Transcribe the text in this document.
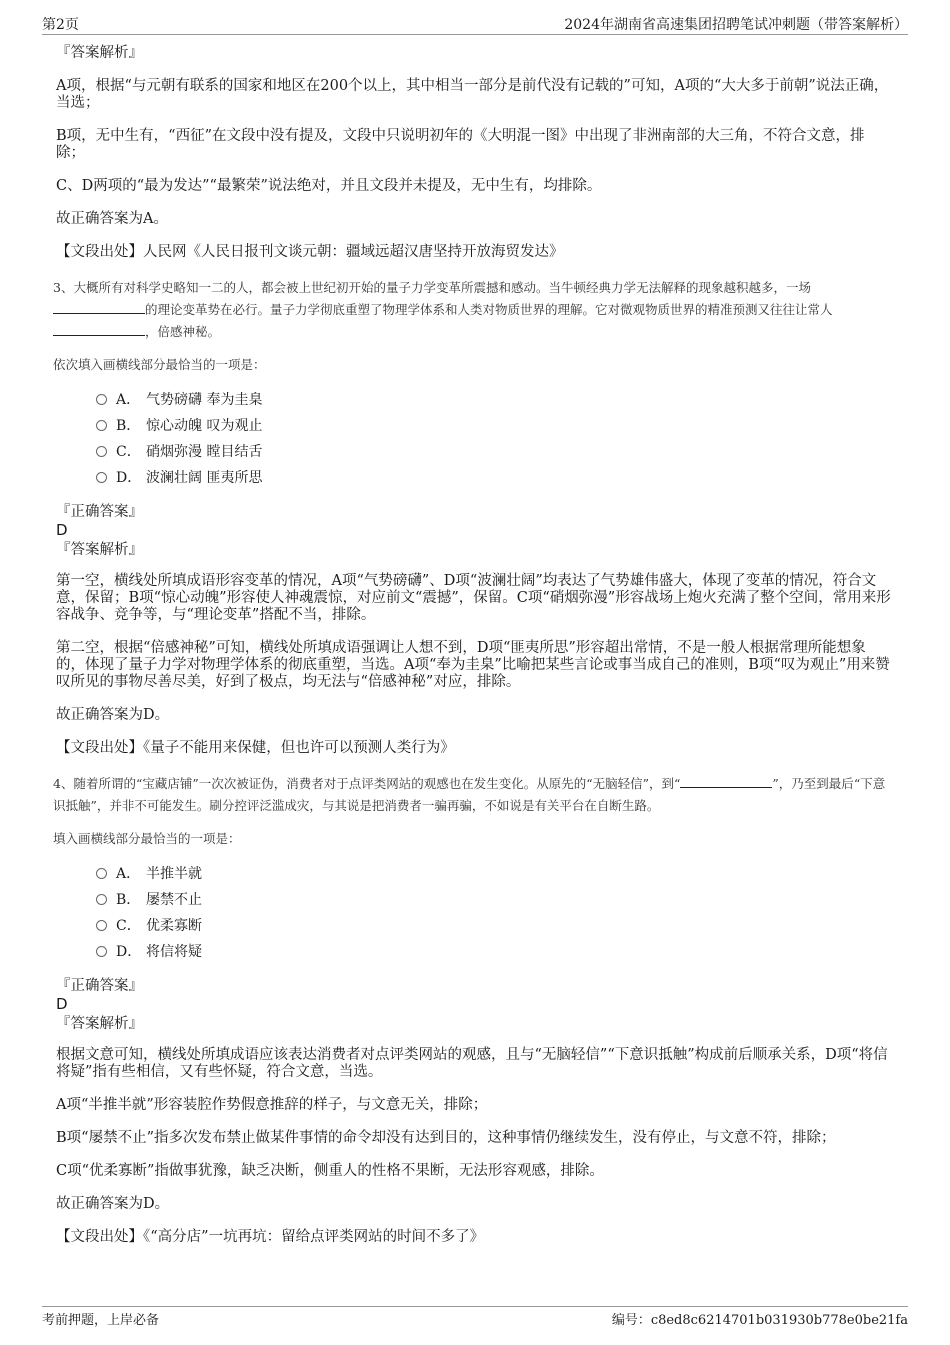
第2页	2024年湖南省高速集团招聘笔试冲刺题（带答案解析）

『答案解析』

A项，根据“与元朝有联系的国家和地区在200个以上，其中相当一部分是前代没有记载的”可知，A项的“大大多于前朝”说法正确，当选；

B项，无中生有，“西征”在文段中没有提及，文段中只说明初年的《大明混一图》中出现了非洲南部的大三角，不符合文意，排除；

C、D两项的“最为发达”“最繁荣”说法绝对，并且文段并未提及，无中生有，均排除。

故正确答案为A。

【文段出处】人民网《人民日报刊文谈元朝：疆域远超汉唐坚持开放海贸发达》

3、大概所有对科学史略知一二的人，都会被上世纪初开始的量子力学变革所震撼和感动。当牛顿经典力学无法解释的现象越积越多，一场
的理论变革势在必行。量子力学彻底重塑了物理学体系和人类对物质世界的理解。它对微观物质世界的精准预测又往往让常人
，倍感神秘。
依次填入画横线部分最恰当的一项是：
A． 气势磅礴 奉为圭臬
B． 惊心动魄 叹为观止
C． 硝烟弥漫 瞠目结舌
D． 波澜壮阔 匪夷所思

『正确答案』

D

『答案解析』

第一空，横线处所填成语形容变革的情况，A项“气势磅礴”、D项“波澜壮阔”均表达了气势雄伟盛大，体现了变革的情况，符合文意，保留；B项“惊心动魄”形容使人神魂震惊，对应前文“震撼”，保留。C项“硝烟弥漫”形容战场上炮火充满了整个空间，常用来形容战争、竞争等，与“理论变革”搭配不当，排除。

第二空，根据“倍感神秘”可知，横线处所填成语强调让人想不到，D项“匪夷所思”形容超出常情，不是一般人根据常理所能想象的，体现了量子力学对物理学体系的彻底重塑，当选。A项“奉为圭臬”比喻把某些言论或事当成自己的准则，B项“叹为观止”用来赞叹所见的事物尽善尽美，好到了极点，均无法与“倍感神秘”对应，排除。

故正确答案为D。

【文段出处】《量子不能用来保健，但也许可以预测人类行为》

4、随着所谓的“宝藏店铺”一次次被证伪，消费者对于点评类网站的观感也在发生变化。从原先的“无脑轻信”，到“	”，乃至到最后“下意识抵触”，并非不可能发生。刷分控评泛滥成灾，与其说是把消费者一骗再骗，不如说是有关平台在自断生路。
填入画横线部分最恰当的一项是：
A． 半推半就
B． 屡禁不止
C． 优柔寡断
D． 将信将疑

『正确答案』

D

『答案解析』

根据文意可知，横线处所填成语应该表达消费者对点评类网站的观感，且与“无脑轻信”“下意识抵触”构成前后顺承关系，D项“将信将疑”指有些相信，又有些怀疑，符合文意，当选。

A项“半推半就”形容装腔作势假意推辞的样子，与文意无关，排除；

B项“屡禁不止”指多次发布禁止做某件事情的命令却没有达到目的，这种事情仍继续发生，没有停止，与文意不符，排除；

C项“优柔寡断”指做事犹豫，缺乏决断，侧重人的性格不果断，无法形容观感，排除。

故正确答案为D。

【文段出处】《“高分店”一坑再坑：留给点评类网站的时间不多了》

考前押题，上岸必备	编号：c8ed8c6214701b031930b778e0be21fa
